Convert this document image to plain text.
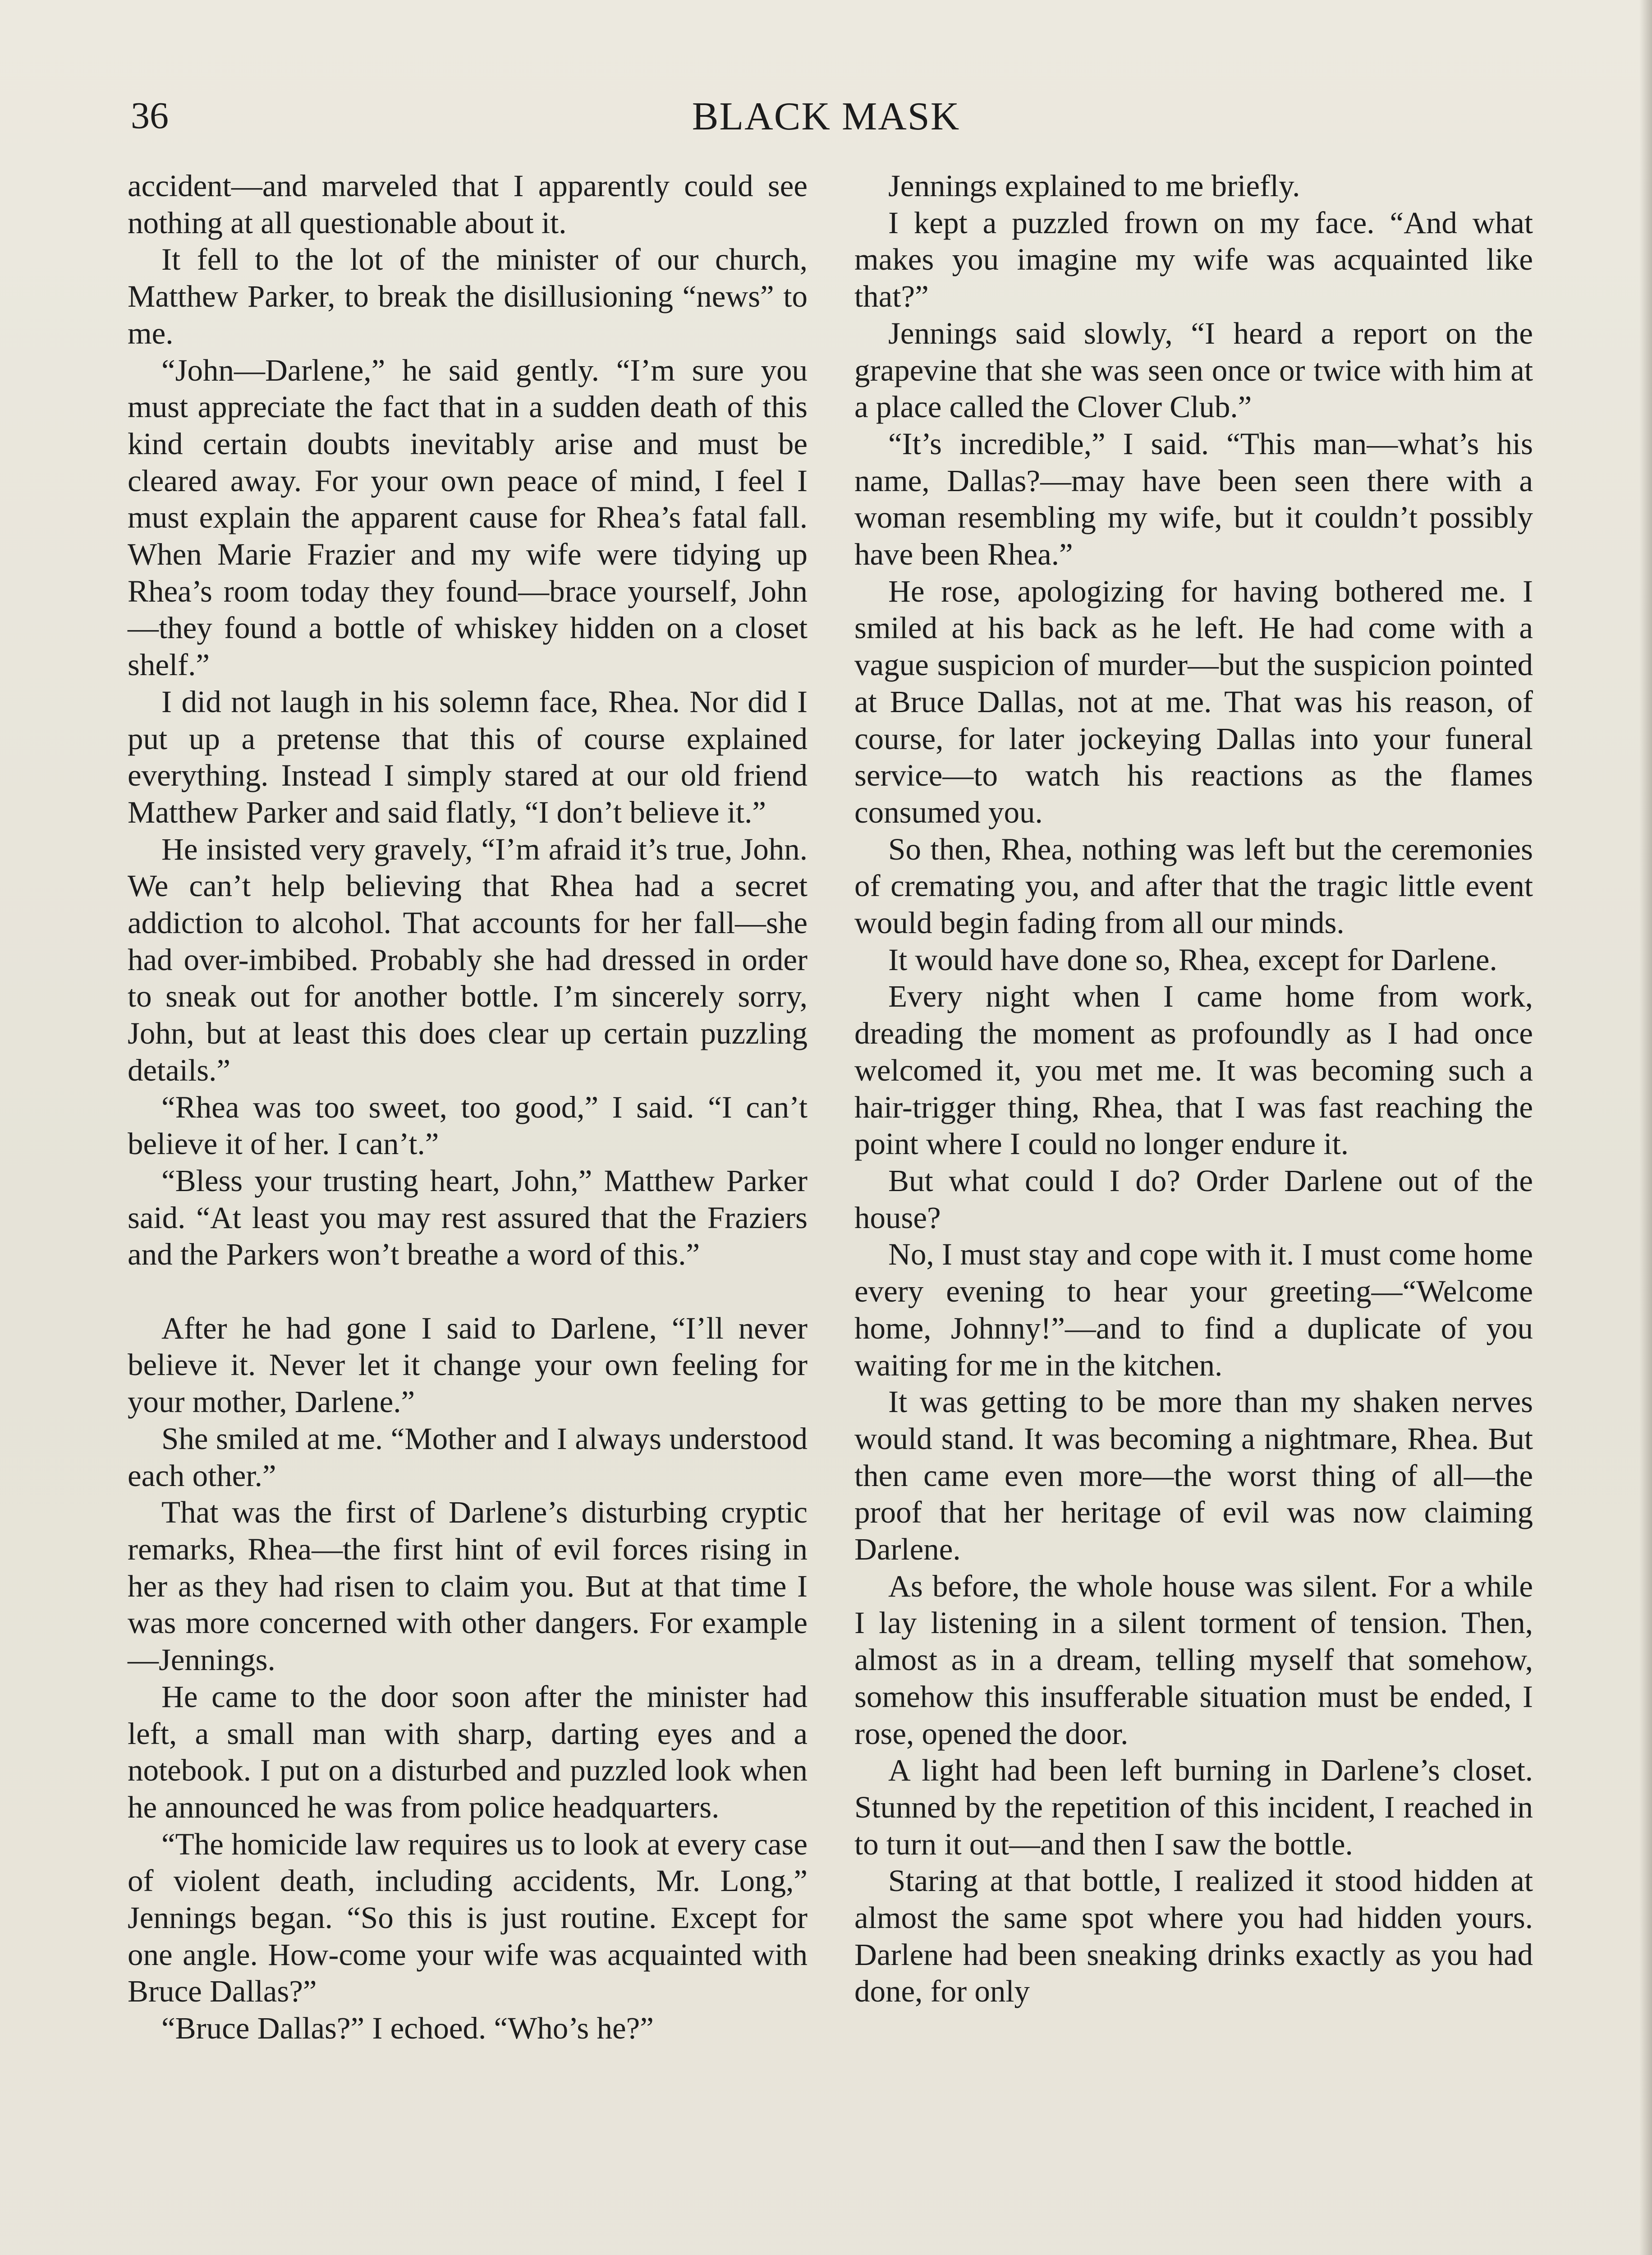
36	BLACK MASK

accident—and marveled that I apparently could see nothing at all questionable about it.

It fell to the lot of the minister of our church, Matthew Parker, to break the disillusioning “news” to me.

“John—Darlene,” he said gently. “I’m sure you must appreciate the fact that in a sudden death of this kind certain doubts inevitably arise and must be cleared away. For your own peace of mind, I feel I must explain the apparent cause for Rhea’s fatal fall. When Marie Frazier and my wife were tidying up Rhea’s room today they found—brace yourself, John—they found a bottle of whiskey hidden on a closet shelf.”

I did not laugh in his solemn face, Rhea. Nor did I put up a pretense that this of course explained everything. Instead I simply stared at our old friend Matthew Parker and said flatly, “I don’t believe it.”

He insisted very gravely, “I’m afraid it’s true, John. We can’t help believing that Rhea had a secret addiction to alcohol. That accounts for her fall—she had over-imbibed. Probably she had dressed in order to sneak out for another bottle. I’m sincerely sorry, John, but at least this does clear up certain puzzling details.”

“Rhea was too sweet, too good,” I said. “I can’t believe it of her. I can’t.”

“Bless your trusting heart, John,” Matthew Parker said. “At least you may rest assured that the Fraziers and the Parkers won’t breathe a word of this.”

After he had gone I said to Darlene, “I’ll never believe it. Never let it change your own feeling for your mother, Darlene.”

She smiled at me. “Mother and I always understood each other.”

That was the first of Darlene’s disturbing cryptic remarks, Rhea—the first hint of evil forces rising in her as they had risen to claim you. But at that time I was more concerned with other dangers. For example—Jennings.

He came to the door soon after the minister had left, a small man with sharp, darting eyes and a notebook. I put on a disturbed and puzzled look when he announced he was from police headquarters.

“The homicide law requires us to look at every case of violent death, including accidents, Mr. Long,” Jennings began. “So this is just routine. Except for one angle. How-come your wife was acquainted with Bruce Dallas?”

“Bruce Dallas?” I echoed. “Who’s he?”

Jennings explained to me briefly.

I kept a puzzled frown on my face. “And what makes you imagine my wife was acquainted like that?”

Jennings said slowly, “I heard a report on the grapevine that she was seen once or twice with him at a place called the Clover Club.”

“It’s incredible,” I said. “This man—what’s his name, Dallas?—may have been seen there with a woman resembling my wife, but it couldn’t possibly have been Rhea.”

He rose, apologizing for having bothered me. I smiled at his back as he left. He had come with a vague suspicion of murder—but the suspicion pointed at Bruce Dallas, not at me. That was his reason, of course, for later jockeying Dallas into your funeral service—to watch his reactions as the flames consumed you.

So then, Rhea, nothing was left but the ceremonies of cremating you, and after that the tragic little event would begin fading from all our minds.

It would have done so, Rhea, except for Darlene.

Every night when I came home from work, dreading the moment as profoundly as I had once welcomed it, you met me. It was becoming such a hair-trigger thing, Rhea, that I was fast reaching the point where I could no longer endure it.

But what could I do? Order Darlene out of the house?

No, I must stay and cope with it. I must come home every evening to hear your greeting—“Welcome home, Johnny!”—and to find a duplicate of you waiting for me in the kitchen.

It was getting to be more than my shaken nerves would stand. It was becoming a nightmare, Rhea. But then came even more—the worst thing of all—the proof that her heritage of evil was now claiming Darlene.

As before, the whole house was silent. For a while I lay listening in a silent torment of tension. Then, almost as in a dream, telling myself that somehow, somehow this insufferable situation must be ended, I rose, opened the door.

A light had been left burning in Darlene’s closet. Stunned by the repetition of this incident, I reached in to turn it out—and then I saw the bottle.

Staring at that bottle, I realized it stood hidden at almost the same spot where you had hidden yours. Darlene had been sneaking drinks exactly as you had done, for only
